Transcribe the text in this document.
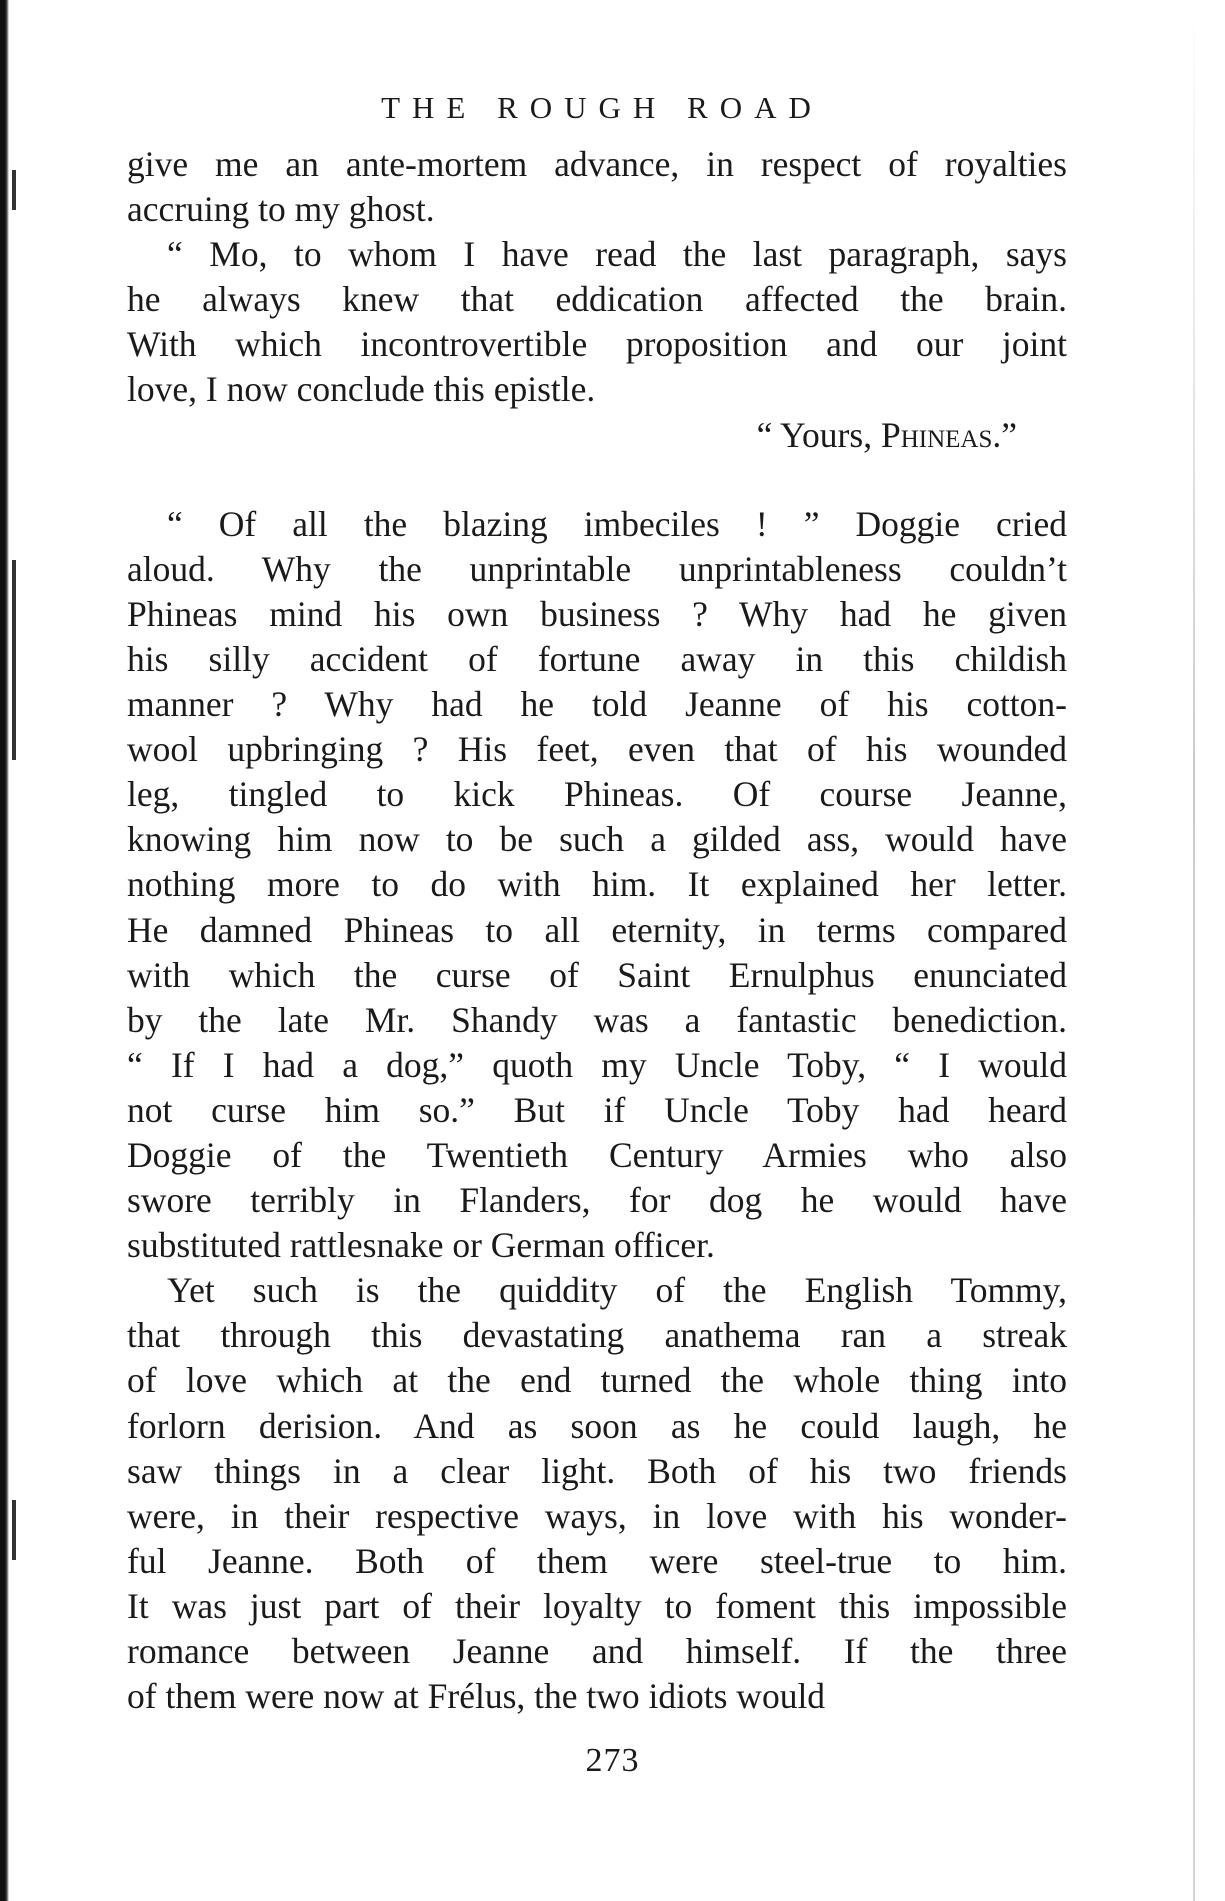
THE ROUGH ROAD
give me an ante-mortem advance, in respect of royalties
accruing to my ghost.
“ Mo, to whom I have read the last paragraph, says
he always knew that eddication affected the brain.
With which incontrovertible proposition and our joint
love, I now conclude this epistle.
“ Yours, Phineas.”
“ Of all the blazing imbeciles ! ” Doggie cried
aloud. Why the unprintable unprintableness couldn’t
Phineas mind his own business ? Why had he given
his silly accident of fortune away in this childish
manner ? Why had he told Jeanne of his cotton-
wool upbringing ? His feet, even that of his wounded
leg, tingled to kick Phineas. Of course Jeanne,
knowing him now to be such a gilded ass, would have
nothing more to do with him. It explained her letter.
He damned Phineas to all eternity, in terms compared
with which the curse of Saint Ernulphus enunciated
by the late Mr. Shandy was a fantastic benediction.
“ If I had a dog,” quoth my Uncle Toby, “ I would
not curse him so.” But if Uncle Toby had heard
Doggie of the Twentieth Century Armies who also
swore terribly in Flanders, for dog he would have
substituted rattlesnake or German officer.
Yet such is the quiddity of the English Tommy,
that through this devastating anathema ran a streak
of love which at the end turned the whole thing into
forlorn derision. And as soon as he could laugh, he
saw things in a clear light. Both of his two friends
were, in their respective ways, in love with his wonder-
ful Jeanne. Both of them were steel-true to him.
It was just part of their loyalty to foment this impossible
romance between Jeanne and himself. If the three
of them were now at Frélus, the two idiots would
273
